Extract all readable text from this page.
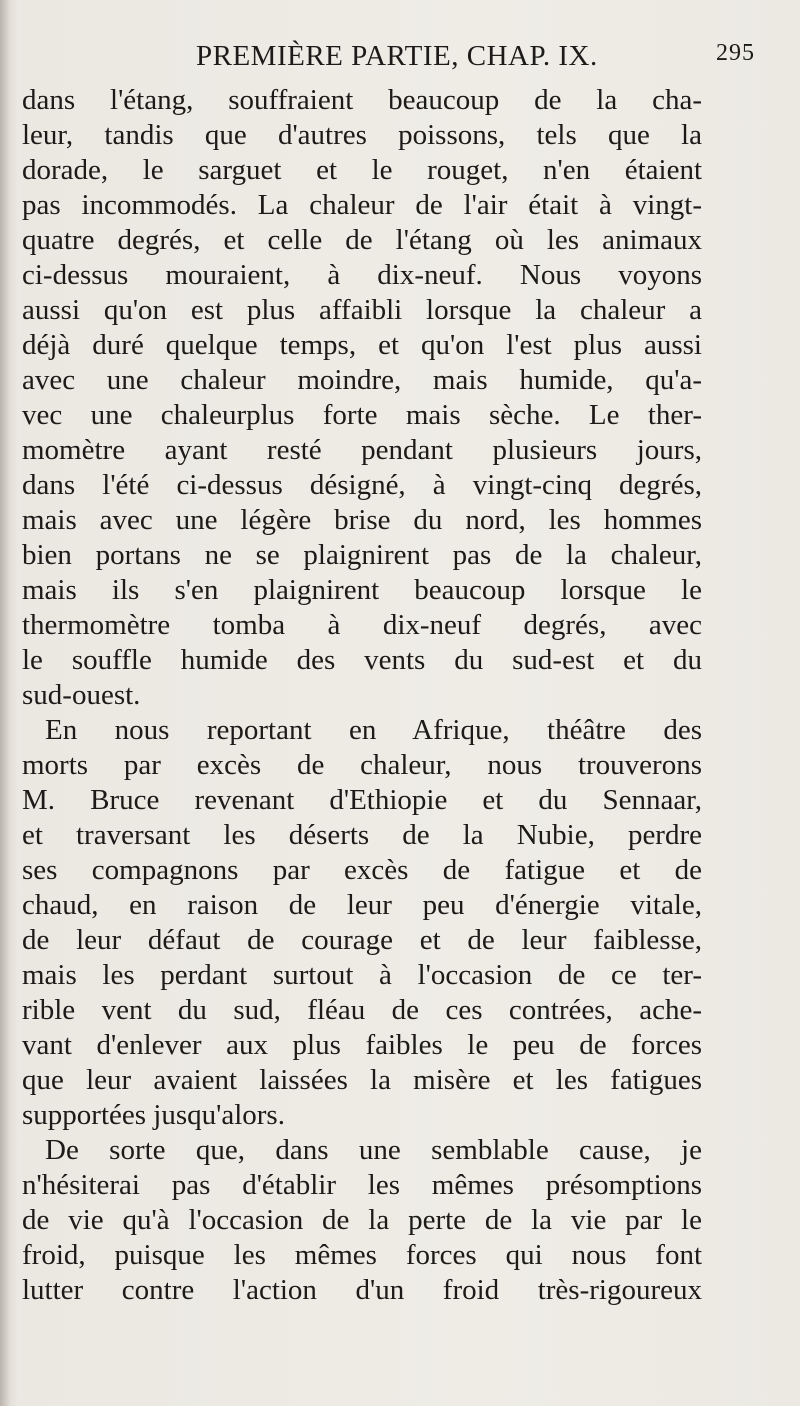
PREMIÈRE PARTIE, CHAP. IX.	295
dans l'étang, souffraient beaucoup de la cha-
leur, tandis que d'autres poissons, tels que la
dorade, le sarguet et le rouget, n'en étaient
pas incommodés. La chaleur de l'air était à vingt-
quatre degrés, et celle de l'étang où les animaux
ci-dessus mouraient, à dix-neuf. Nous voyons
aussi qu'on est plus affaibli lorsque la chaleur a
déjà duré quelque temps, et qu'on l'est plus aussi
avec une chaleur moindre, mais humide, qu'a-
vec une chaleurplus forte mais sèche. Le ther-
momètre ayant resté pendant plusieurs jours,
dans l'été ci-dessus désigné, à vingt-cinq degrés,
mais avec une légère brise du nord, les hommes
bien portans ne se plaignirent pas de la chaleur,
mais ils s'en plaignirent beaucoup lorsque le
thermomètre tomba à dix-neuf degrés, avec
le souffle humide des vents du sud-est et du
sud-ouest.
En nous reportant en Afrique, théâtre des
morts par excès de chaleur, nous trouverons
M. Bruce revenant d'Ethiopie et du Sennaar,
et traversant les déserts de la Nubie, perdre
ses compagnons par excès de fatigue et de
chaud, en raison de leur peu d'énergie vitale,
de leur défaut de courage et de leur faiblesse,
mais les perdant surtout à l'occasion de ce ter-
rible vent du sud, fléau de ces contrées, ache-
vant d'enlever aux plus faibles le peu de forces
que leur avaient laissées la misère et les fatigues
supportées jusqu'alors.
De sorte que, dans une semblable cause, je
n'hésiterai pas d'établir les mêmes présomptions
de vie qu'à l'occasion de la perte de la vie par le
froid, puisque les mêmes forces qui nous font
lutter contre l'action d'un froid très-rigoureux
